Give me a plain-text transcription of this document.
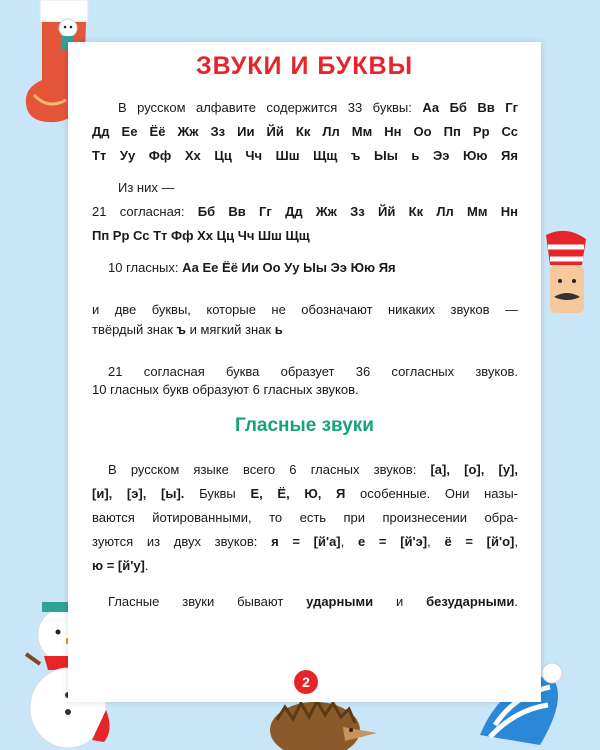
ЗВУКИ И БУКВЫ
В русском алфавите содержится 33 буквы: Аа Бб Вв Гг
Дд Ее Ёё Жж Зз Ии Йй Кк Лл Мм Нн Оо Пп Рр Сс
Тт Уу Фф Хх Цц Чч Шш Щщ ъ Ыы ь Ээ Юю Яя
Из них —
21 согласная: Бб Вв Гг Дд Жж Зз Йй Кк Лл Мм Нн
Пп Рр Сс Тт Фф Хх Цц Чч Шш Щщ
10 гласных: Аа Ее Ёё Ии Оо Уу Ыы Ээ Юю Яя
и две буквы, которые не обозначают никаких звуков —
твёрдый знак ъ и мягкий знак ь
21 согласная буква образует 36 согласных звуков.
10 гласных букв образуют 6 гласных звуков.
Гласные звуки
В русском языке всего 6 гласных звуков: [а], [о], [у],
[и], [э], [ы]. Буквы Е, Ё, Ю, Я особенные. Они назы-
ваются йотированными, то есть при произнесении обра-
зуются из двух звуков: я = [й'а], е = [й'э], ё = [й'о],
ю = [й'у].
Гласные звуки бывают ударными и безударными.
2
